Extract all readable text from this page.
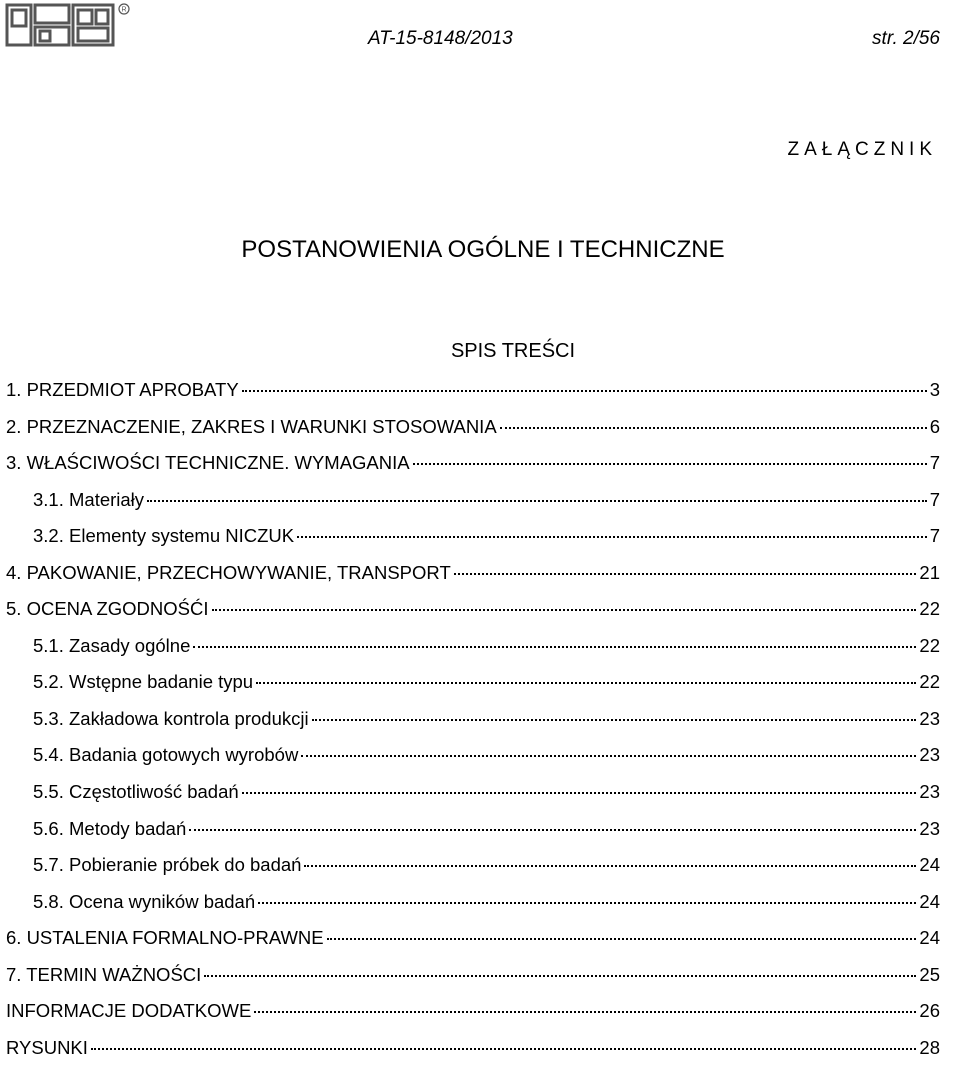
R
AT-15-8148/2013	str. 2/56
ZAŁĄCZNIK
POSTANOWIENIA OGÓLNE I TECHNICZNE
SPIS TREŚCI
1. PRZEDMIOT APROBATY	3
2. PRZEZNACZENIE, ZAKRES I WARUNKI STOSOWANIA	6
3. WŁAŚCIWOŚCI TECHNICZNE. WYMAGANIA	7
3.1. Materiały	7
3.2. Elementy systemu NICZUK	7
4. PAKOWANIE, PRZECHOWYWANIE, TRANSPORT	21
5. OCENA ZGODNOŚĆI	22
5.1. Zasady ogólne	22
5.2. Wstępne badanie typu	22
5.3. Zakładowa kontrola produkcji	23
5.4. Badania gotowych wyrobów	23
5.5. Częstotliwość badań	23
5.6. Metody badań	23
5.7. Pobieranie próbek do badań	24
5.8. Ocena wyników badań	24
6. USTALENIA FORMALNO-PRAWNE	24
7. TERMIN WAŻNOŚCI	25
INFORMACJE DODATKOWE	26
RYSUNKI	28
